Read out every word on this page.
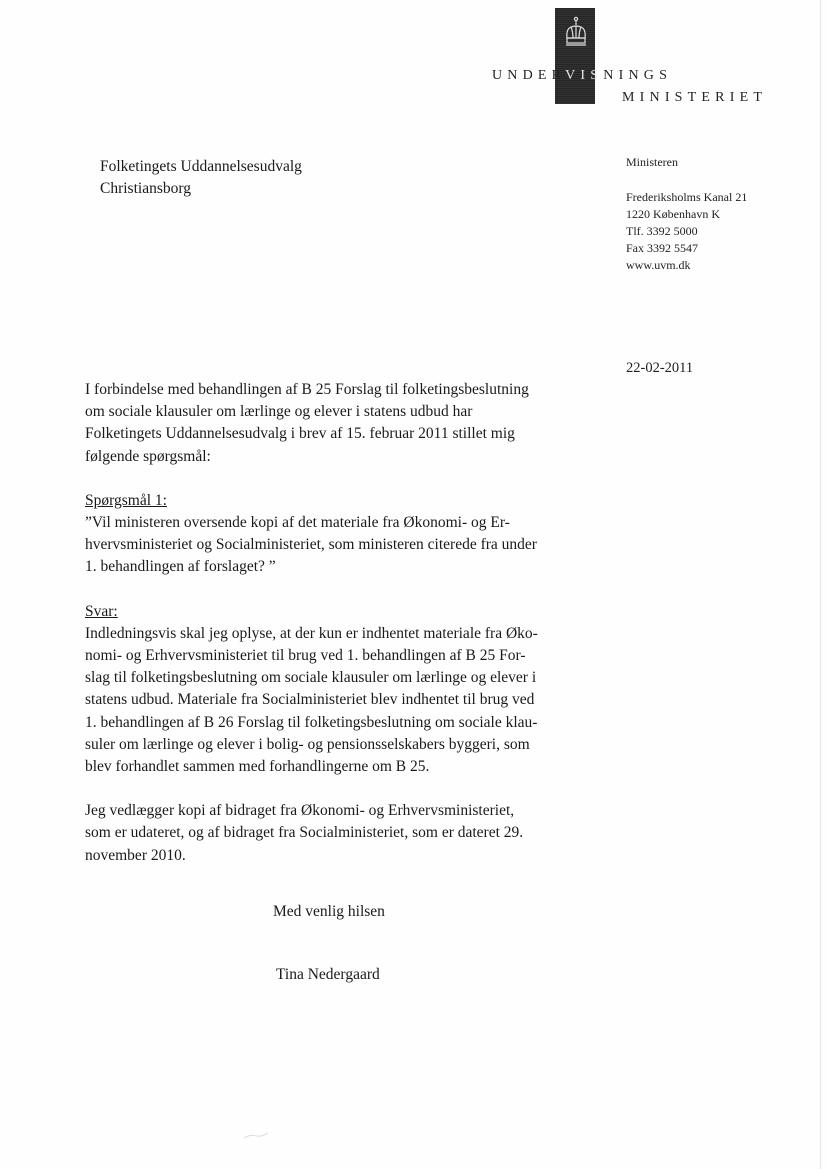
UNDERVISNINGS
MINISTERIET
Folketingets Uddannelsesudvalg
Christiansborg
Ministeren
Frederiksholms Kanal 21
1220 København K
Tlf. 3392 5000
Fax 3392 5547
www.uvm.dk
22-02-2011

I forbindelse med behandlingen af B 25 Forslag til folketingsbeslutning

om sociale klausuler om lærlinge og elever i statens udbud har

Folketingets Uddannelsesudvalg i brev af 15. februar 2011 stillet mig

følgende spørgsmål:

Spørgsmål 1:

”Vil ministeren oversende kopi af det materiale fra Økonomi- og Er-

hvervsministeriet og Socialministeriet, som ministeren citerede fra under

1. behandlingen af forslaget? ”

Svar:

Indledningsvis skal jeg oplyse, at der kun er indhentet materiale fra Øko-

nomi- og Erhvervsministeriet til brug ved 1. behandlingen af B 25 For-

slag til folketingsbeslutning om sociale klausuler om lærlinge og elever i

statens udbud. Materiale fra Socialministeriet blev indhentet til brug ved

1. behandlingen af B 26 Forslag til folketingsbeslutning om sociale klau-

suler om lærlinge og elever i bolig- og pensionsselskabers byggeri, som

blev forhandlet sammen med forhandlingerne om B 25.

Jeg vedlægger kopi af bidraget fra Økonomi- og Erhvervsministeriet,

som er udateret, og af bidraget fra Socialministeriet, som er dateret 29.

november 2010.

Med venlig hilsen
Tina Nedergaard
